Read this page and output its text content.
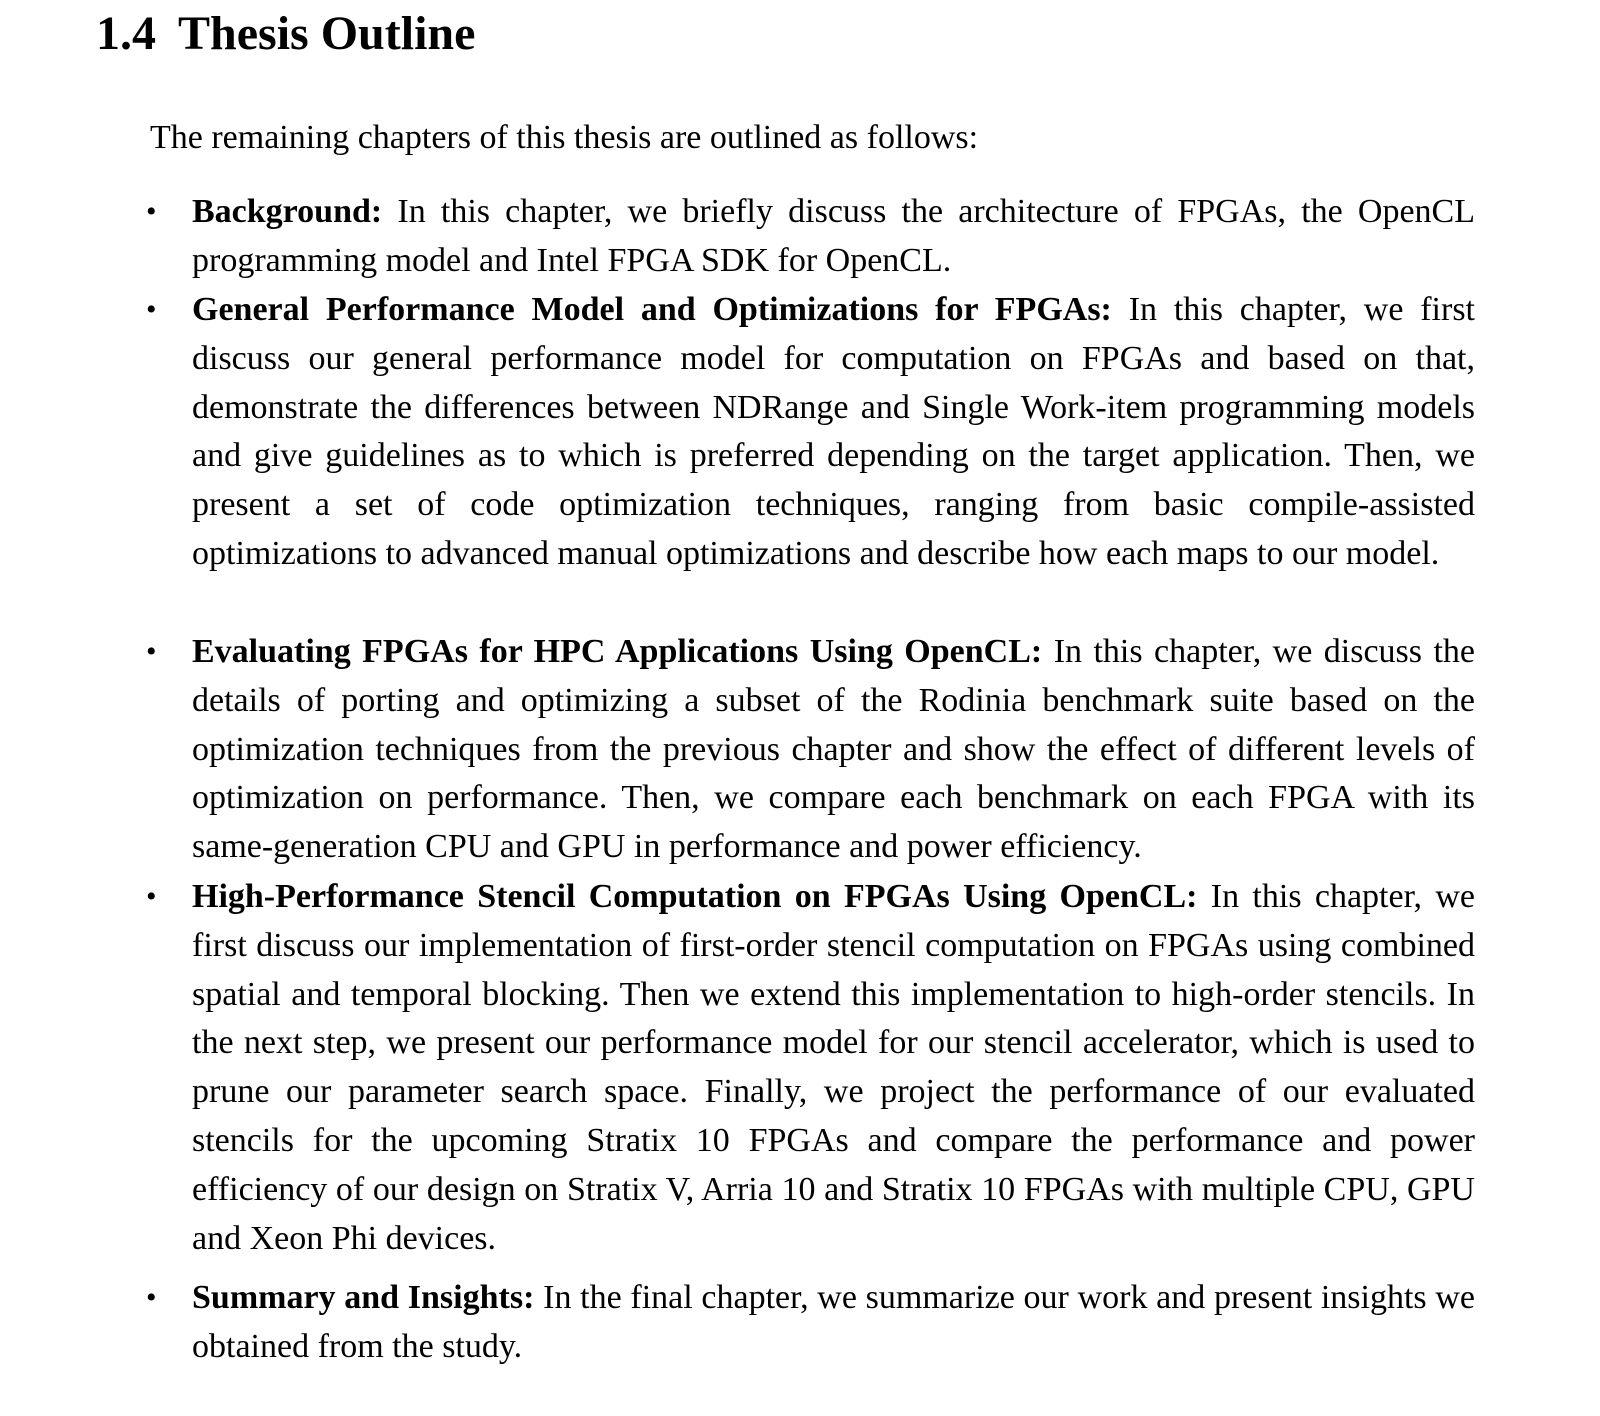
1.4 Thesis Outline

The remaining chapters of this thesis are outlined as follows:

• Background: In this chapter, we briefly discuss the architecture of FPGAs, the OpenCL programming model and Intel FPGA SDK for OpenCL.
• General Performance Model and Optimizations for FPGAs: In this chapter, we first discuss our general performance model for computation on FPGAs and based on that, demonstrate the differences between NDRange and Single Work-item programming models and give guidelines as to which is preferred depending on the target application. Then, we present a set of code optimization techniques, ranging from basic compile-assisted optimizations to advanced manual optimizations and describe how each maps to our model.
• Evaluating FPGAs for HPC Applications Using OpenCL: In this chapter, we discuss the details of porting and optimizing a subset of the Rodinia benchmark suite based on the optimization techniques from the previous chapter and show the effect of different levels of optimization on performance. Then, we compare each benchmark on each FPGA with its same-generation CPU and GPU in performance and power efficiency.
• High-Performance Stencil Computation on FPGAs Using OpenCL: In this chapter, we first discuss our implementation of first-order stencil computation on FPGAs using combined spatial and temporal blocking. Then we extend this implementation to high-order stencils. In the next step, we present our performance model for our stencil accelerator, which is used to prune our parameter search space. Finally, we project the performance of our evaluated stencils for the upcoming Stratix 10 FPGAs and compare the performance and power efficiency of our design on Stratix V, Arria 10 and Stratix 10 FPGAs with multiple CPU, GPU and Xeon Phi devices.
• Summary and Insights: In the final chapter, we summarize our work and present insights we obtained from the study.
